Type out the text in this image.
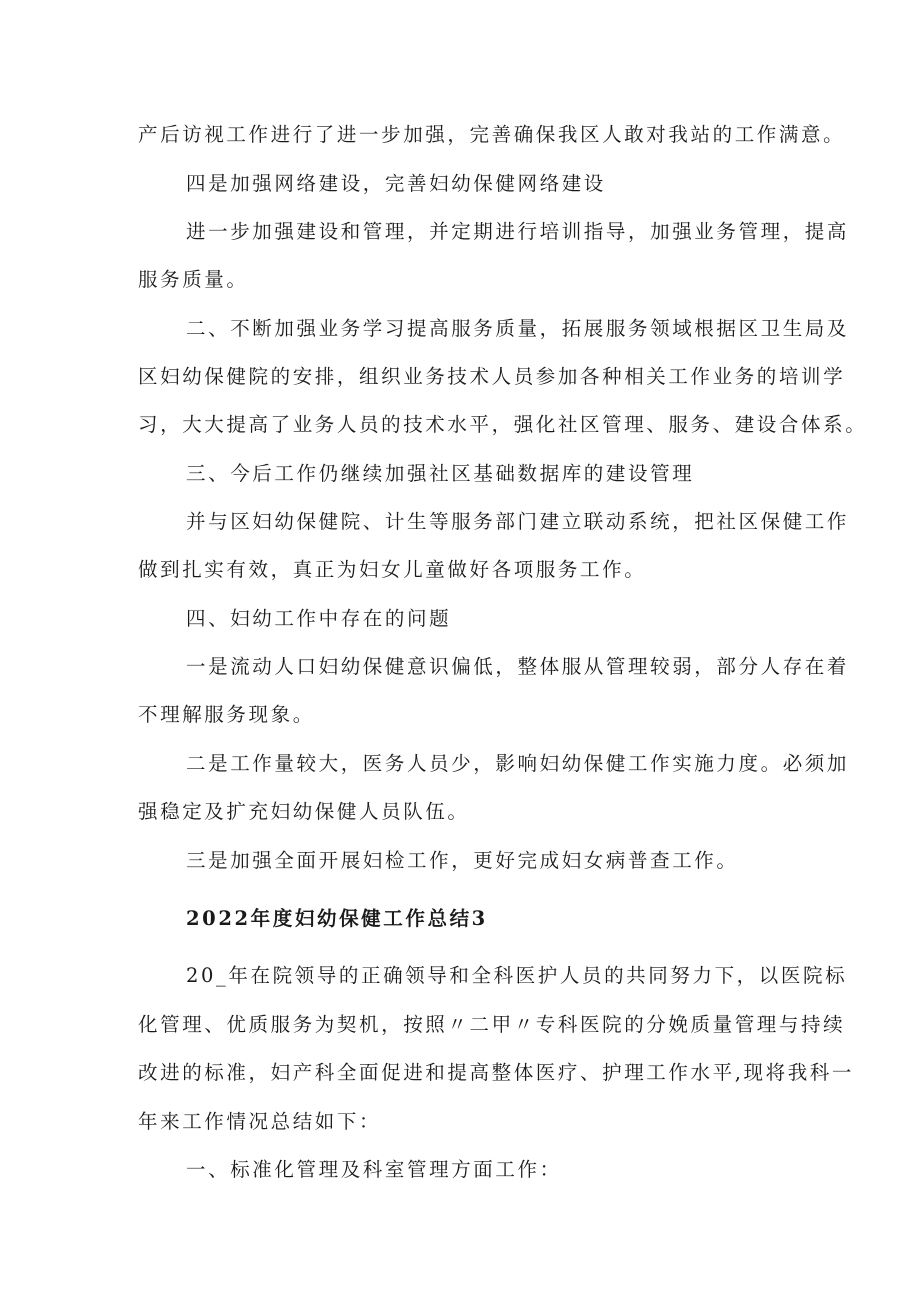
产后访视工作进行了进一步加强，完善确保我区人敢对我站的工作满意。
四是加强网络建设，完善妇幼保健网络建设
进一步加强建设和管理，并定期进行培训指导，加强业务管理，提高
服务质量。
二、不断加强业务学习提高服务质量，拓展服务领域根据区卫生局及
区妇幼保健院的安排，组织业务技术人员参加各种相关工作业务的培训学
习，大大提高了业务人员的技术水平，强化社区管理、服务、建设合体系。
三、今后工作仍继续加强社区基础数据库的建设管理
并与区妇幼保健院、计生等服务部门建立联动系统，把社区保健工作
做到扎实有效，真正为妇女儿童做好各项服务工作。
四、妇幼工作中存在的问题
一是流动人口妇幼保健意识偏低，整体服从管理较弱，部分人存在着
不理解服务现象。
二是工作量较大，医务人员少，影响妇幼保健工作实施力度。必须加
强稳定及扩充妇幼保健人员队伍。
三是加强全面开展妇检工作，更好完成妇女病普查工作。
2022年度妇幼保健工作总结3
20_年在院领导的正确领导和全科医护人员的共同努力下，以医院标
化管理、优质服务为契机，按照〃二甲〃专科医院的分娩质量管理与持续
改进的标准，妇产科全面促进和提高整体医疗、护理工作水平,现将我科一
年来工作情况总结如下：
一、标准化管理及科室管理方面工作：
